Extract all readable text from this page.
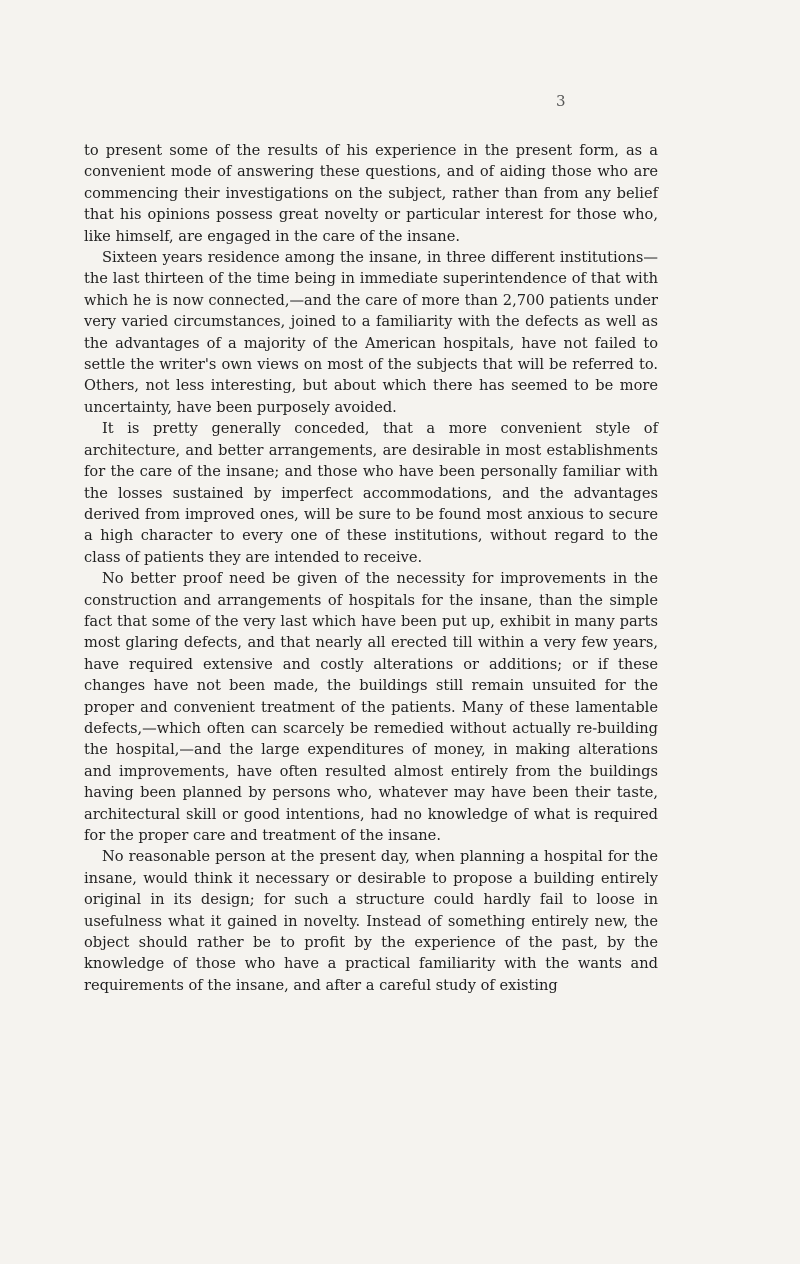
3

to present some of the results of his experience in the present form, as a convenient mode of answering these questions, and of aiding those who are commencing their investigations on the subject, rather than from any belief that his opinions possess great novelty or particular interest for those who, like himself, are engaged in the care of the insane.

Sixteen years residence among the insane, in three different institutions—the last thirteen of the time being in immediate superintendence of that with which he is now connected,—and the care of more than 2,700 patients under very varied circumstances, joined to a familiarity with the defects as well as the advantages of a majority of the American hospitals, have not failed to settle the writer's own views on most of the subjects that will be referred to. Others, not less interesting, but about which there has seemed to be more uncertainty, have been purposely avoided.

It is pretty generally conceded, that a more convenient style of architecture, and better arrangements, are desirable in most establishments for the care of the insane; and those who have been personally familiar with the losses sustained by imperfect accommodations, and the advantages derived from improved ones, will be sure to be found most anxious to secure a high character to every one of these institutions, without regard to the class of patients they are intended to receive.

No better proof need be given of the necessity for improvements in the construction and arrangements of hospitals for the insane, than the simple fact that some of the very last which have been put up, exhibit in many parts most glaring defects, and that nearly all erected till within a very few years, have required extensive and costly alterations or additions; or if these changes have not been made, the buildings still remain unsuited for the proper and convenient treatment of the patients. Many of these lamentable defects,—which often can scarcely be remedied without actually re-building the hospital,—and the large expenditures of money, in making alterations and improvements, have often resulted almost entirely from the buildings having been planned by persons who, whatever may have been their taste, architectural skill or good intentions, had no knowledge of what is required for the proper care and treatment of the insane.

No reasonable person at the present day, when planning a hospital for the insane, would think it necessary or desirable to propose a building entirely original in its design; for such a structure could hardly fail to loose in usefulness what it gained in novelty. Instead of something entirely new, the object should rather be to profit by the experience of the past, by the knowledge of those who have a practical familiarity with the wants and requirements of the insane, and after a careful study of existing
